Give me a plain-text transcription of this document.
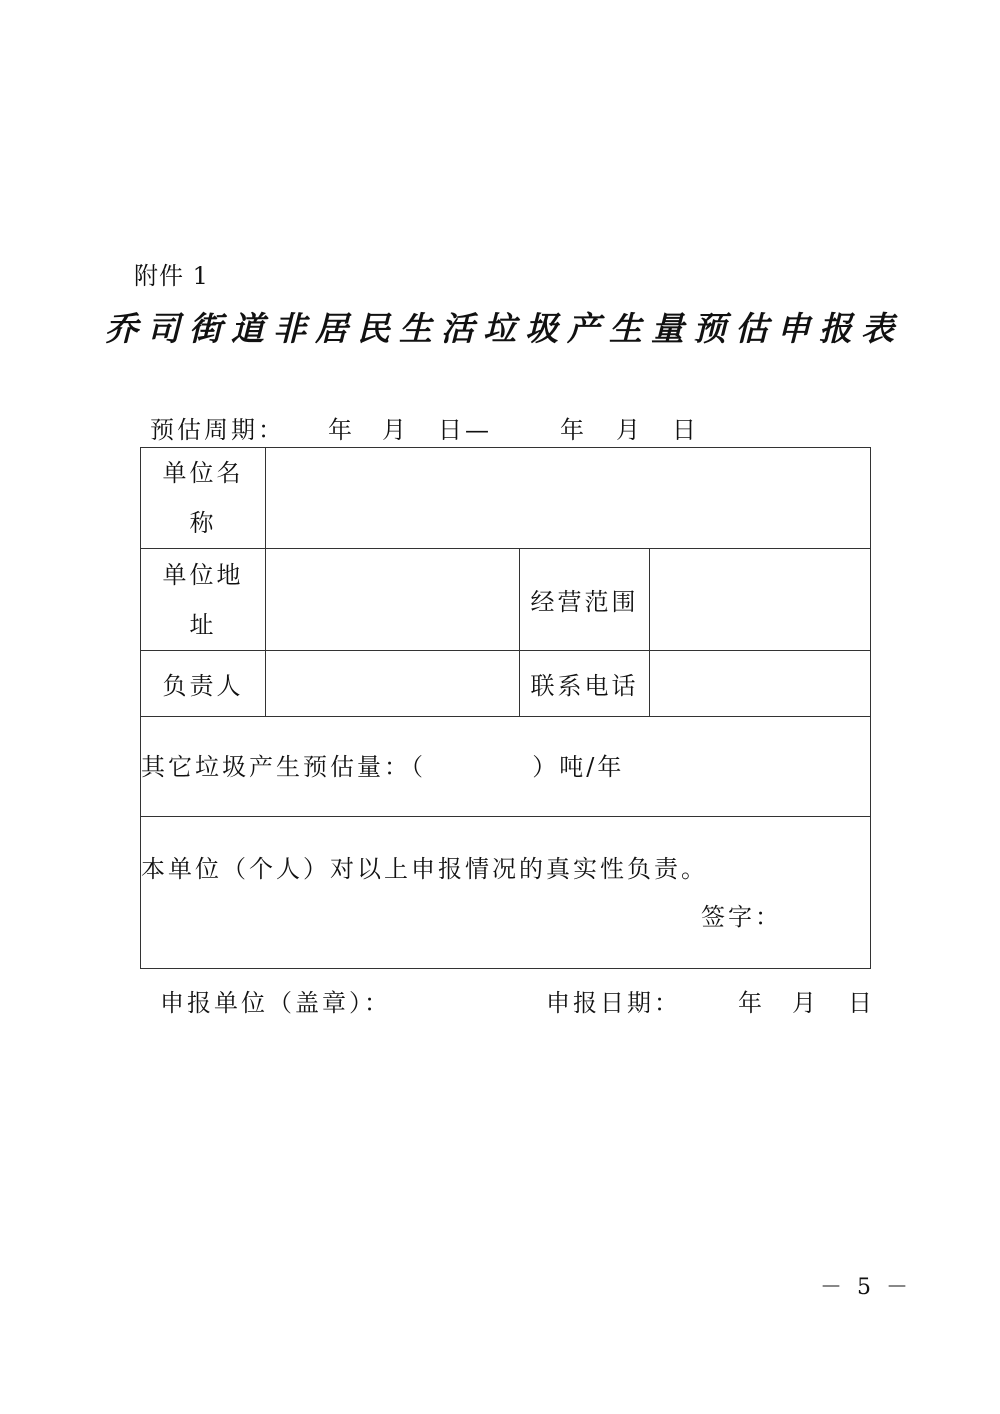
附件 1
乔司街道非居民生活垃圾产生量预估申报表
预估周期： 年 月 日—	年 月 日
单位名
称			

单位地
址		经营范围	
负责人		联系电话	
其它垃圾产生预估量：（          ）吨/年			
本单位（个人）对以上申报情况的真实性负责。
签字：			
申报单位（盖章）：	申报日期： 年 月 日
－ 5 －
